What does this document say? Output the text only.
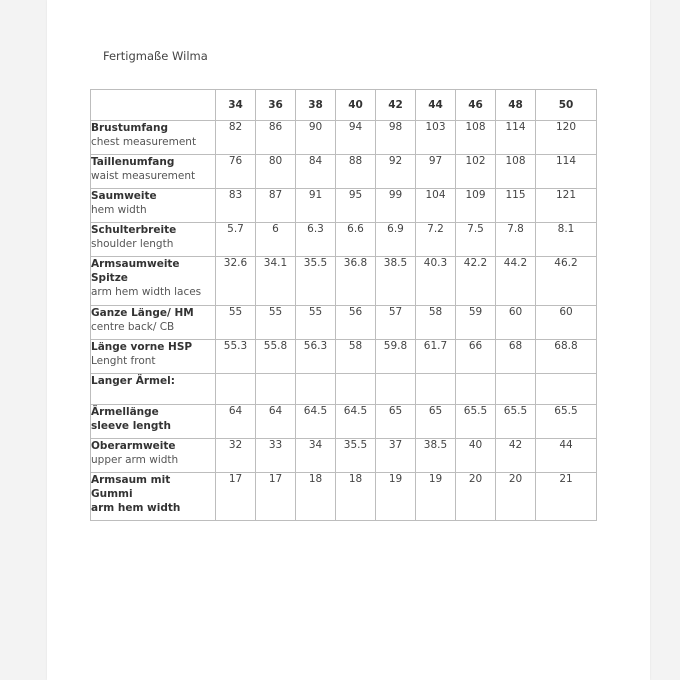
Fertigmaße Wilma
	34	36	38	40	42	44	46	48	50

Brustumfang
chest measurement	82	86	90	94	98	103	108	114	120

Taillenumfang
waist measurement	76	80	84	88	92	97	102	108	114

Saumweite
hem width	83	87	91	95	99	104	109	115	121

Schulterbreite
shoulder length	5.7	6	6.3	6.6	6.9	7.2	7.5	7.8	8.1

Armsaumweite Spitze
arm hem width laces	32.6	34.1	35.5	36.8	38.5	40.3	42.2	44.2	46.2

Ganze Länge/ HM
centre back/ CB	55	55	55	56	57	58	59	60	60

Länge vorne HSP
Lenght front	55.3	55.8	56.3	58	59.8	61.7	66	68	68.8

Langer Ärmel:									

Ärmellänge
sleeve length	64	64	64.5	64.5	65	65	65.5	65.5	65.5

Oberarmweite
upper arm width	32	33	34	35.5	37	38.5	40	42	44

Armsaum mit Gummi
arm hem width	17	17	18	18	19	19	20	20	21
